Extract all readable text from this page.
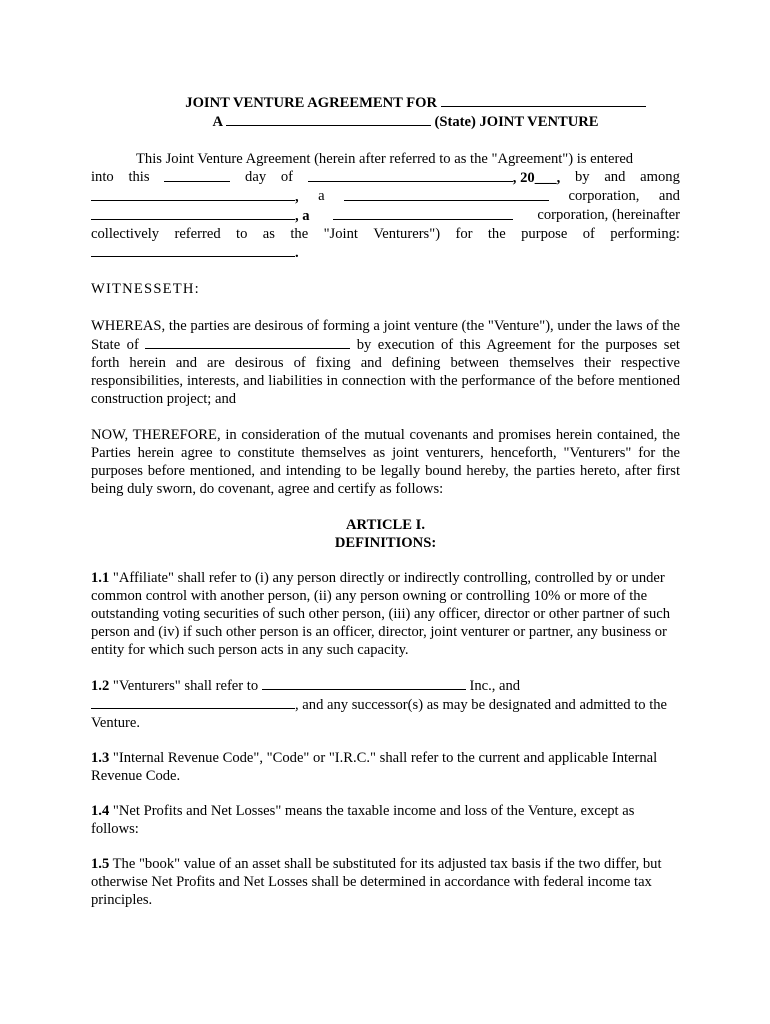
JOINT VENTURE AGREEMENT FOR
A	(State) JOINT VENTURE
This Joint Venture Agreement (herein after referred to as the "Agreement") is entered
into this	day of	, 20___, by and among
, a	corporation, and
, a	corporation, (hereinafter
collectively referred to as the "Joint Venturers") for the purpose of performing:
.

WITNESSETH:

WHEREAS, the parties are desirous of forming a joint venture (the "Venture"), under the laws of the State of	by execution of this Agreement for the purposes set forth herein and are desirous of fixing and defining between themselves their respective responsibilities, interests, and liabilities in connection with the performance of the before mentioned construction project; and

NOW, THEREFORE, in consideration of the mutual covenants and promises herein contained, the Parties herein agree to constitute themselves as joint venturers, henceforth, "Venturers" for the purposes before mentioned, and intending to be legally bound hereby, the parties hereto, after first being duly sworn, do covenant, agree and certify as follows:

ARTICLE I.
DEFINITIONS:

1.1 "Affiliate" shall refer to (i) any person directly or indirectly controlling, controlled by or under common control with another person, (ii) any person owning or controlling 10% or more of the outstanding voting securities of such other person, (iii) any officer, director or other partner of such person and (iv) if such other person is an officer, director, joint venturer or partner, any business or entity for which such person acts in any such capacity.

1.2 "Venturers" shall refer to	Inc., and
, and any successor(s) as may be designated and admitted to the Venture.

1.3 "Internal Revenue Code", "Code" or "I.R.C." shall refer to the current and applicable Internal Revenue Code.

1.4 "Net Profits and Net Losses" means the taxable income and loss of the Venture, except as follows:

1.5 The "book" value of an asset shall be substituted for its adjusted tax basis if the two differ, but otherwise Net Profits and Net Losses shall be determined in accordance with federal income tax principles.
